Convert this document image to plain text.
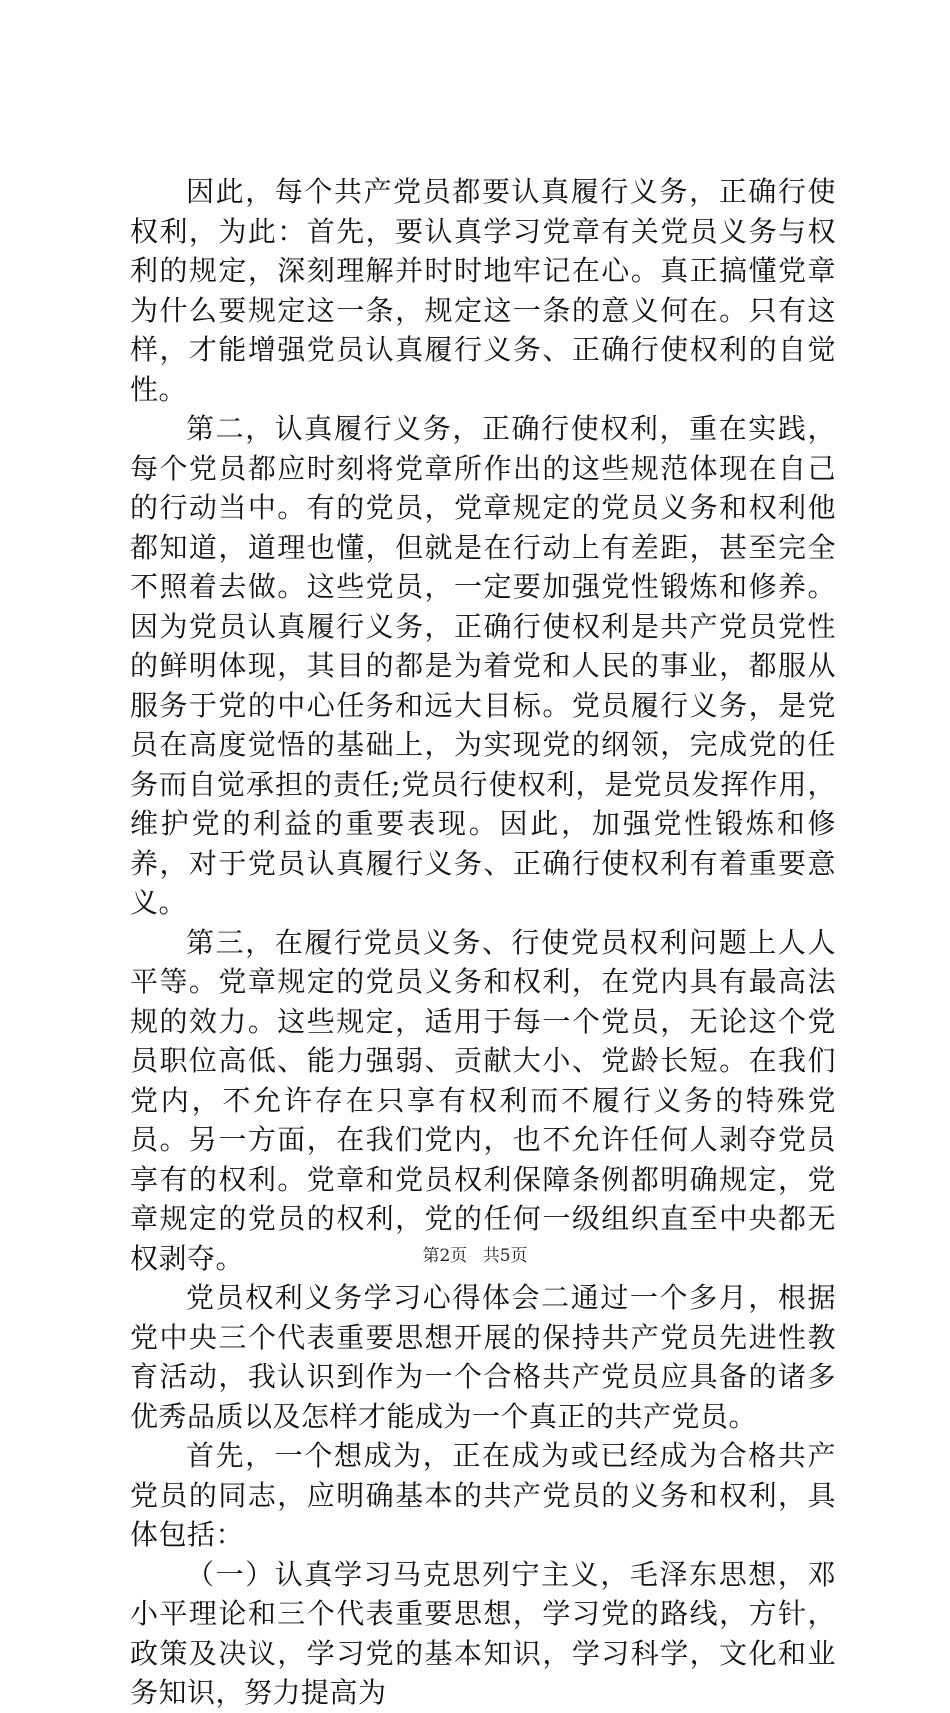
因此，每个共产党员都要认真履行义务，正确行使权利，为此：首先，要认真学习党章有关党员义务与权利的规定，深刻理解并时时地牢记在心。真正搞懂党章为什么要规定这一条，规定这一条的意义何在。只有这样，才能增强党员认真履行义务、正确行使权利的自觉性。

第二，认真履行义务，正确行使权利，重在实践，每个党员都应时刻将党章所作出的这些规范体现在自己的行动当中。有的党员，党章规定的党员义务和权利他都知道，道理也懂，但就是在行动上有差距，甚至完全不照着去做。这些党员，一定要加强党性锻炼和修养。因为党员认真履行义务，正确行使权利是共产党员党性的鲜明体现，其目的都是为着党和人民的事业，都服从服务于党的中心任务和远大目标。党员履行义务，是党员在高度觉悟的基础上，为实现党的纲领，完成党的任务而自觉承担的责任;党员行使权利，是党员发挥作用，维护党的利益的重要表现。因此，加强党性锻炼和修养，对于党员认真履行义务、正确行使权利有着重要意义。

第三，在履行党员义务、行使党员权利问题上人人平等。党章规定的党员义务和权利，在党内具有最高法规的效力。这些规定，适用于每一个党员，无论这个党员职位高低、能力强弱、贡献大小、党龄长短。在我们党内，不允许存在只享有权利而不履行义务的特殊党员。另一方面，在我们党内，也不允许任何人剥夺党员享有的权利。党章和党员权利保障条例都明确规定，党章规定的党员的权利，党的任何一级组织直至中央都无权剥夺。

党员权利义务学习心得体会二通过一个多月，根据党中央三个代表重要思想开展的保持共产党员先进性教育活动，我认识到作为一个合格共产党员应具备的诸多优秀品质以及怎样才能成为一个真正的共产党员。

首先，一个想成为，正在成为或已经成为合格共产党员的同志，应明确基本的共产党员的义务和权利，具体包括：

（一）认真学习马克思列宁主义，毛泽东思想，邓小平理论和三个代表重要思想，学习党的路线，方针，政策及决议，学习党的基本知识，学习科学，文化和业务知识，努力提高为

第2页 共5页
